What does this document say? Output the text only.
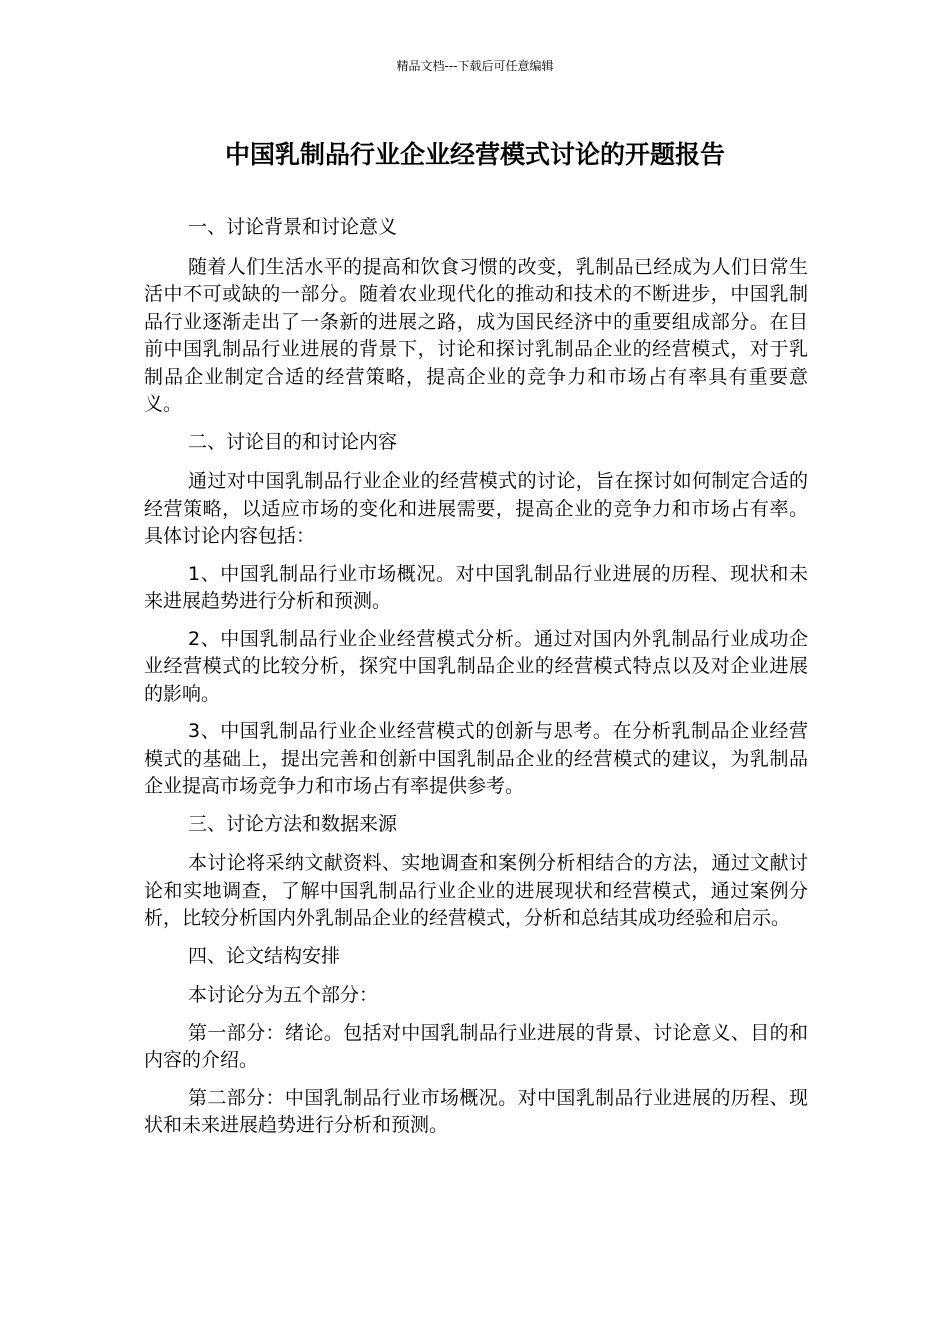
精品文档---下载后可任意编辑
中国乳制品行业企业经营模式讨论的开题报告

一、讨论背景和讨论意义

随着人们生活水平的提高和饮食习惯的改变，乳制品已经成为人们日常生活中不可或缺的一部分。随着农业现代化的推动和技术的不断进步，中国乳制品行业逐渐走出了一条新的进展之路，成为国民经济中的重要组成部分。在目前中国乳制品行业进展的背景下，讨论和探讨乳制品企业的经营模式，对于乳制品企业制定合适的经营策略，提高企业的竞争力和市场占有率具有重要意义。

二、讨论目的和讨论内容

通过对中国乳制品行业企业的经营模式的讨论，旨在探讨如何制定合适的经营策略，以适应市场的变化和进展需要，提高企业的竞争力和市场占有率。具体讨论内容包括：

1、中国乳制品行业市场概况。对中国乳制品行业进展的历程、现状和未来进展趋势进行分析和预测。

2、中国乳制品行业企业经营模式分析。通过对国内外乳制品行业成功企业经营模式的比较分析，探究中国乳制品企业的经营模式特点以及对企业进展的影响。

3、中国乳制品行业企业经营模式的创新与思考。在分析乳制品企业经营模式的基础上，提出完善和创新中国乳制品企业的经营模式的建议，为乳制品企业提高市场竞争力和市场占有率提供参考。

三、讨论方法和数据来源

本讨论将采纳文献资料、实地调查和案例分析相结合的方法，通过文献讨论和实地调查，了解中国乳制品行业企业的进展现状和经营模式，通过案例分析，比较分析国内外乳制品企业的经营模式，分析和总结其成功经验和启示。

四、论文结构安排

本讨论分为五个部分：

第一部分：绪论。包括对中国乳制品行业进展的背景、讨论意义、目的和内容的介绍。

第二部分：中国乳制品行业市场概况。对中国乳制品行业进展的历程、现状和未来进展趋势进行分析和预测。
